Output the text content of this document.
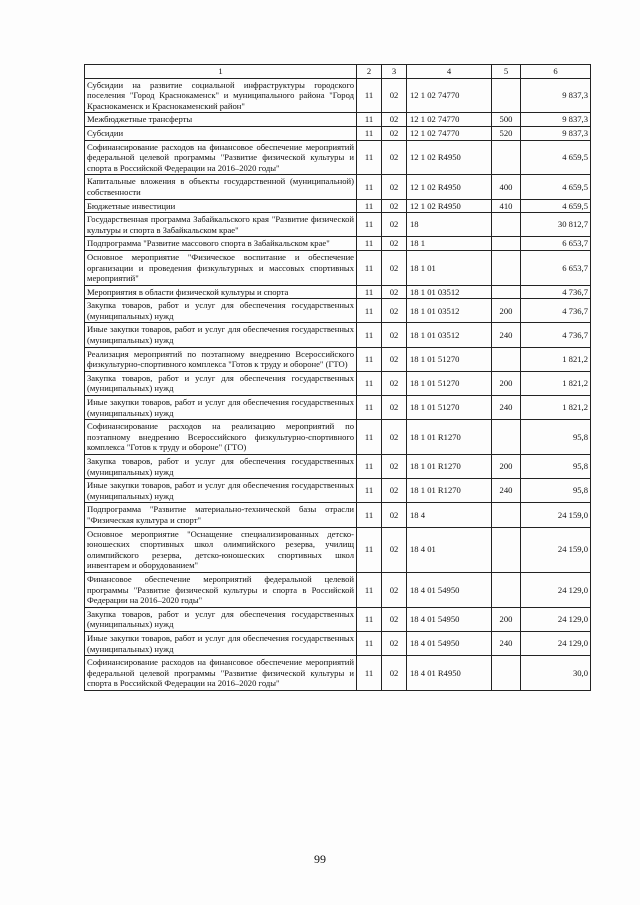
1	2	3	4	5	6
Субсидии на развитие социальной инфраструктуры городского поселения "Город Краснокаменск" и муниципального района "Город Краснокаменск и Краснокаменский район"	11	02	12 1 02 74770		9 837,3
Межбюджетные трансферты	11	02	12 1 02 74770	500	9 837,3
Субсидии	11	02	12 1 02 74770	520	9 837,3
Софинансирование расходов на финансовое обеспечение мероприятий федеральной целевой программы "Развитие физической культуры и спорта в Российской Федерации на 2016–2020 годы"	11	02	12 1 02 R4950		4 659,5
Капитальные вложения в объекты государственной (муниципальной) собственности	11	02	12 1 02 R4950	400	4 659,5
Бюджетные инвестиции	11	02	12 1 02 R4950	410	4 659,5
Государственная программа Забайкальского края "Развитие физической культуры и спорта в Забайкальском крае"	11	02	18		30 812,7
Подпрограмма "Развитие массового спорта в Забайкальском крае"	11	02	18 1		6 653,7
Основное мероприятие "Физическое воспитание и обеспечение организации и проведения физкультурных и массовых спортивных мероприятий"	11	02	18 1 01		6 653,7
Мероприятия в области физической культуры и спорта	11	02	18 1 01 03512		4 736,7
Закупка товаров, работ и услуг для обеспечения государственных (муниципальных) нужд	11	02	18 1 01 03512	200	4 736,7
Иные закупки товаров, работ и услуг для обеспечения государственных (муниципальных) нужд	11	02	18 1 01 03512	240	4 736,7
Реализация мероприятий по поэтапному внедрению Всероссийского физкультурно-спортивного комплекса "Готов к труду и обороне" (ГТО)	11	02	18 1 01 51270		1 821,2
Закупка товаров, работ и услуг для обеспечения государственных (муниципальных) нужд	11	02	18 1 01 51270	200	1 821,2
Иные закупки товаров, работ и услуг для обеспечения государственных (муниципальных) нужд	11	02	18 1 01 51270	240	1 821,2
Софинансирование расходов на реализацию мероприятий по поэтапному внедрению Всероссийского физкультурно-спортивного комплекса "Готов к труду и обороне" (ГТО)	11	02	18 1 01 R1270		95,8
Закупка товаров, работ и услуг для обеспечения государственных (муниципальных) нужд	11	02	18 1 01 R1270	200	95,8
Иные закупки товаров, работ и услуг для обеспечения государственных (муниципальных) нужд	11	02	18 1 01 R1270	240	95,8
Подпрограмма "Развитие материально-технической базы отрасли "Физическая культура и спорт"	11	02	18 4		24 159,0
Основное мероприятие "Оснащение специализированных детско-юношеских спортивных школ олимпийского резерва, училищ олимпийского резерва, детско-юношеских спортивных школ инвентарем и оборудованием"	11	02	18 4 01		24 159,0
Финансовое обеспечение мероприятий федеральной целевой программы "Развитие физической культуры и спорта в Российской Федерации на 2016–2020 годы"	11	02	18 4 01 54950		24 129,0
Закупка товаров, работ и услуг для обеспечения государственных (муниципальных) нужд	11	02	18 4 01 54950	200	24 129,0
Иные закупки товаров, работ и услуг для обеспечения государственных (муниципальных) нужд	11	02	18 4 01 54950	240	24 129,0
Софинансирование расходов на финансовое обеспечение мероприятий федеральной целевой программы "Развитие физической культуры и спорта в Российской Федерации на 2016–2020 годы"	11	02	18 4 01 R4950		30,0
99
